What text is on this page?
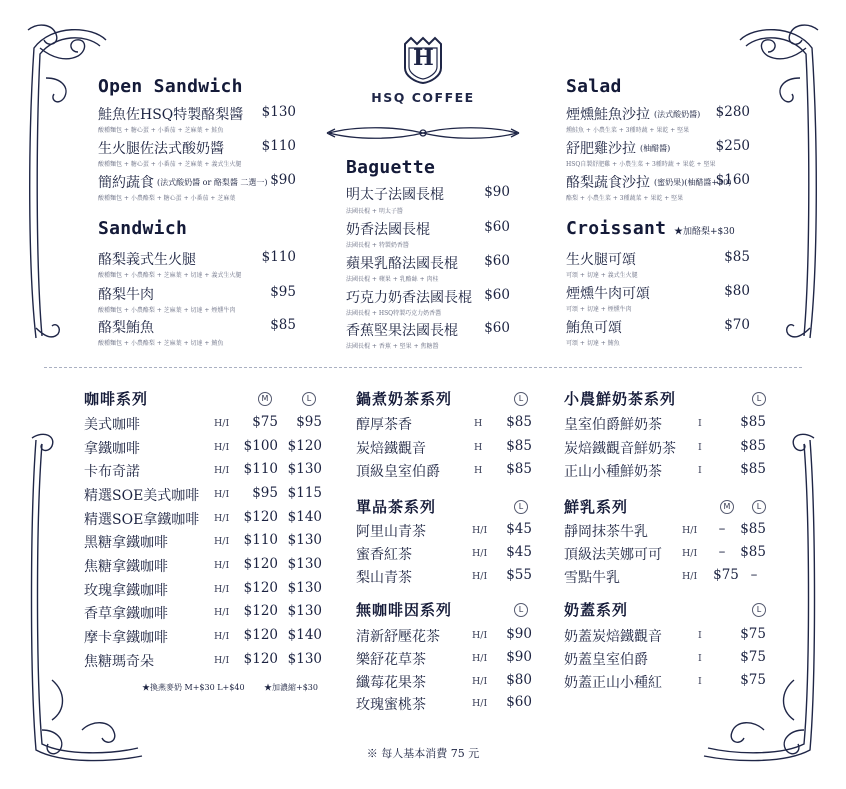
H
HSQ COFFEE
Open Sandwich
鮭魚佐HSQ特製酪梨醬	$130
酸種麵包 + 糖心蛋 + 小番茄 + 芝麻葉 + 鮭魚
生火腿佐法式酸奶醬	$110
酸種麵包 + 糖心蛋 + 小番茄 + 芝麻葉 + 義式生火腿
簡約蔬食 (法式酸奶醬 or 酪梨醬 二選一) $90
酸種麵包 + 小農酪梨 + 糖心蛋 + 小番茄 + 芝麻葉
Sandwich
酪梨義式生火腿	$110
酸種麵包 + 小農酪梨 + 芝麻葉 + 切達 + 義式生火腿
酪梨牛肉	$95
酸種麵包 + 小農酪梨 + 芝麻葉 + 切達 + 煙燻牛肉
酪梨鮪魚	$85
酸種麵包 + 小農酪梨 + 芝麻葉 + 切達 + 鮪魚
Baguette
明太子法國長棍	$90
法國長棍 + 明太子醬
奶香法國長棍	$60
法國長棍 + 特製奶香醬
蘋果乳酪法國長棍	$60
法國長棍 + 蘋果 + 乳酪絲 + 肉桂
巧克力奶香法國長棍 $60
法國長棍 + HSQ特製巧克力奶香醬
香蕉堅果法國長棍	$60
法國長棍 + 香蕉 + 堅果 + 焦糖醬
Salad
煙燻鮭魚沙拉 (法式酸奶醬)	$280
燻鮭魚 + 小農生菜 + 3種時蔬 + 果乾 + 堅果
舒肥雞沙拉 (柚醋醬)	$250
HSQ自製舒肥雞 + 小農生菜 + 3種時蔬 + 果乾 + 堅果
酪梨蔬食沙拉 (蜜奶果)(柚醋醬+30)
$160
酪梨 + 小農生菜 + 3種蔬菜 + 果乾 + 堅果
Croissant ★加酪梨+$30
生火腿可頌	$85
可頌 + 切達 + 義式生火腿
煙燻牛肉可頌	$80
可頌 + 切達 + 煙燻牛肉
鮪魚可頌	$70
可頌 + 切達 + 鮪魚
咖啡系列	M	L
美式咖啡	H/I	$75	$95
拿鐵咖啡	H/I $100 $120
卡布奇諾	H/I $110 $130
精選SOE美式咖啡 H/I	$95 $115
精選SOE拿鐵咖啡 H/I $120 $140
黑糖拿鐵咖啡	H/I $110 $130
焦糖拿鐵咖啡	H/I $120 $130
玫瑰拿鐵咖啡	H/I $120 $130
香草拿鐵咖啡	H/I $120 $130
摩卡拿鐵咖啡	H/I $120 $140
焦糖瑪奇朵	H/I $120 $130
★換燕麥奶 M+$30 L+$40 ★加濃縮+$30
鍋煮奶茶系列	L
醇厚茶香	H	$85
炭焙鐵觀音	H	$85
頂級皇室伯爵	H	$85
單品茶系列	L
阿里山青茶	H/I	$45
蜜香紅茶	H/I	$45
梨山青茶	H/I	$55
無咖啡因系列	L
清新舒壓花茶	H/I	$90
樂舒花草茶	H/I	$90
纖莓花果茶	H/I	$80
玫瑰蜜桃茶	H/I	$60
小農鮮奶茶系列	L
皇室伯爵鮮奶茶	I	$85
炭焙鐵觀音鮮奶茶 I	$85
正山小種鮮奶茶	I	$85
鮮乳系列	M	L
靜岡抹茶牛乳	H/I	–	$85
頂級法芙娜可可 H/I	–	$85
雪點牛乳	H/I	$75 –
奶蓋系列	L
奶蓋炭焙鐵觀音	I	$75
奶蓋皇室伯爵	I	$75
奶蓋正山小種紅	I	$75
※ 每人基本消費 75 元
